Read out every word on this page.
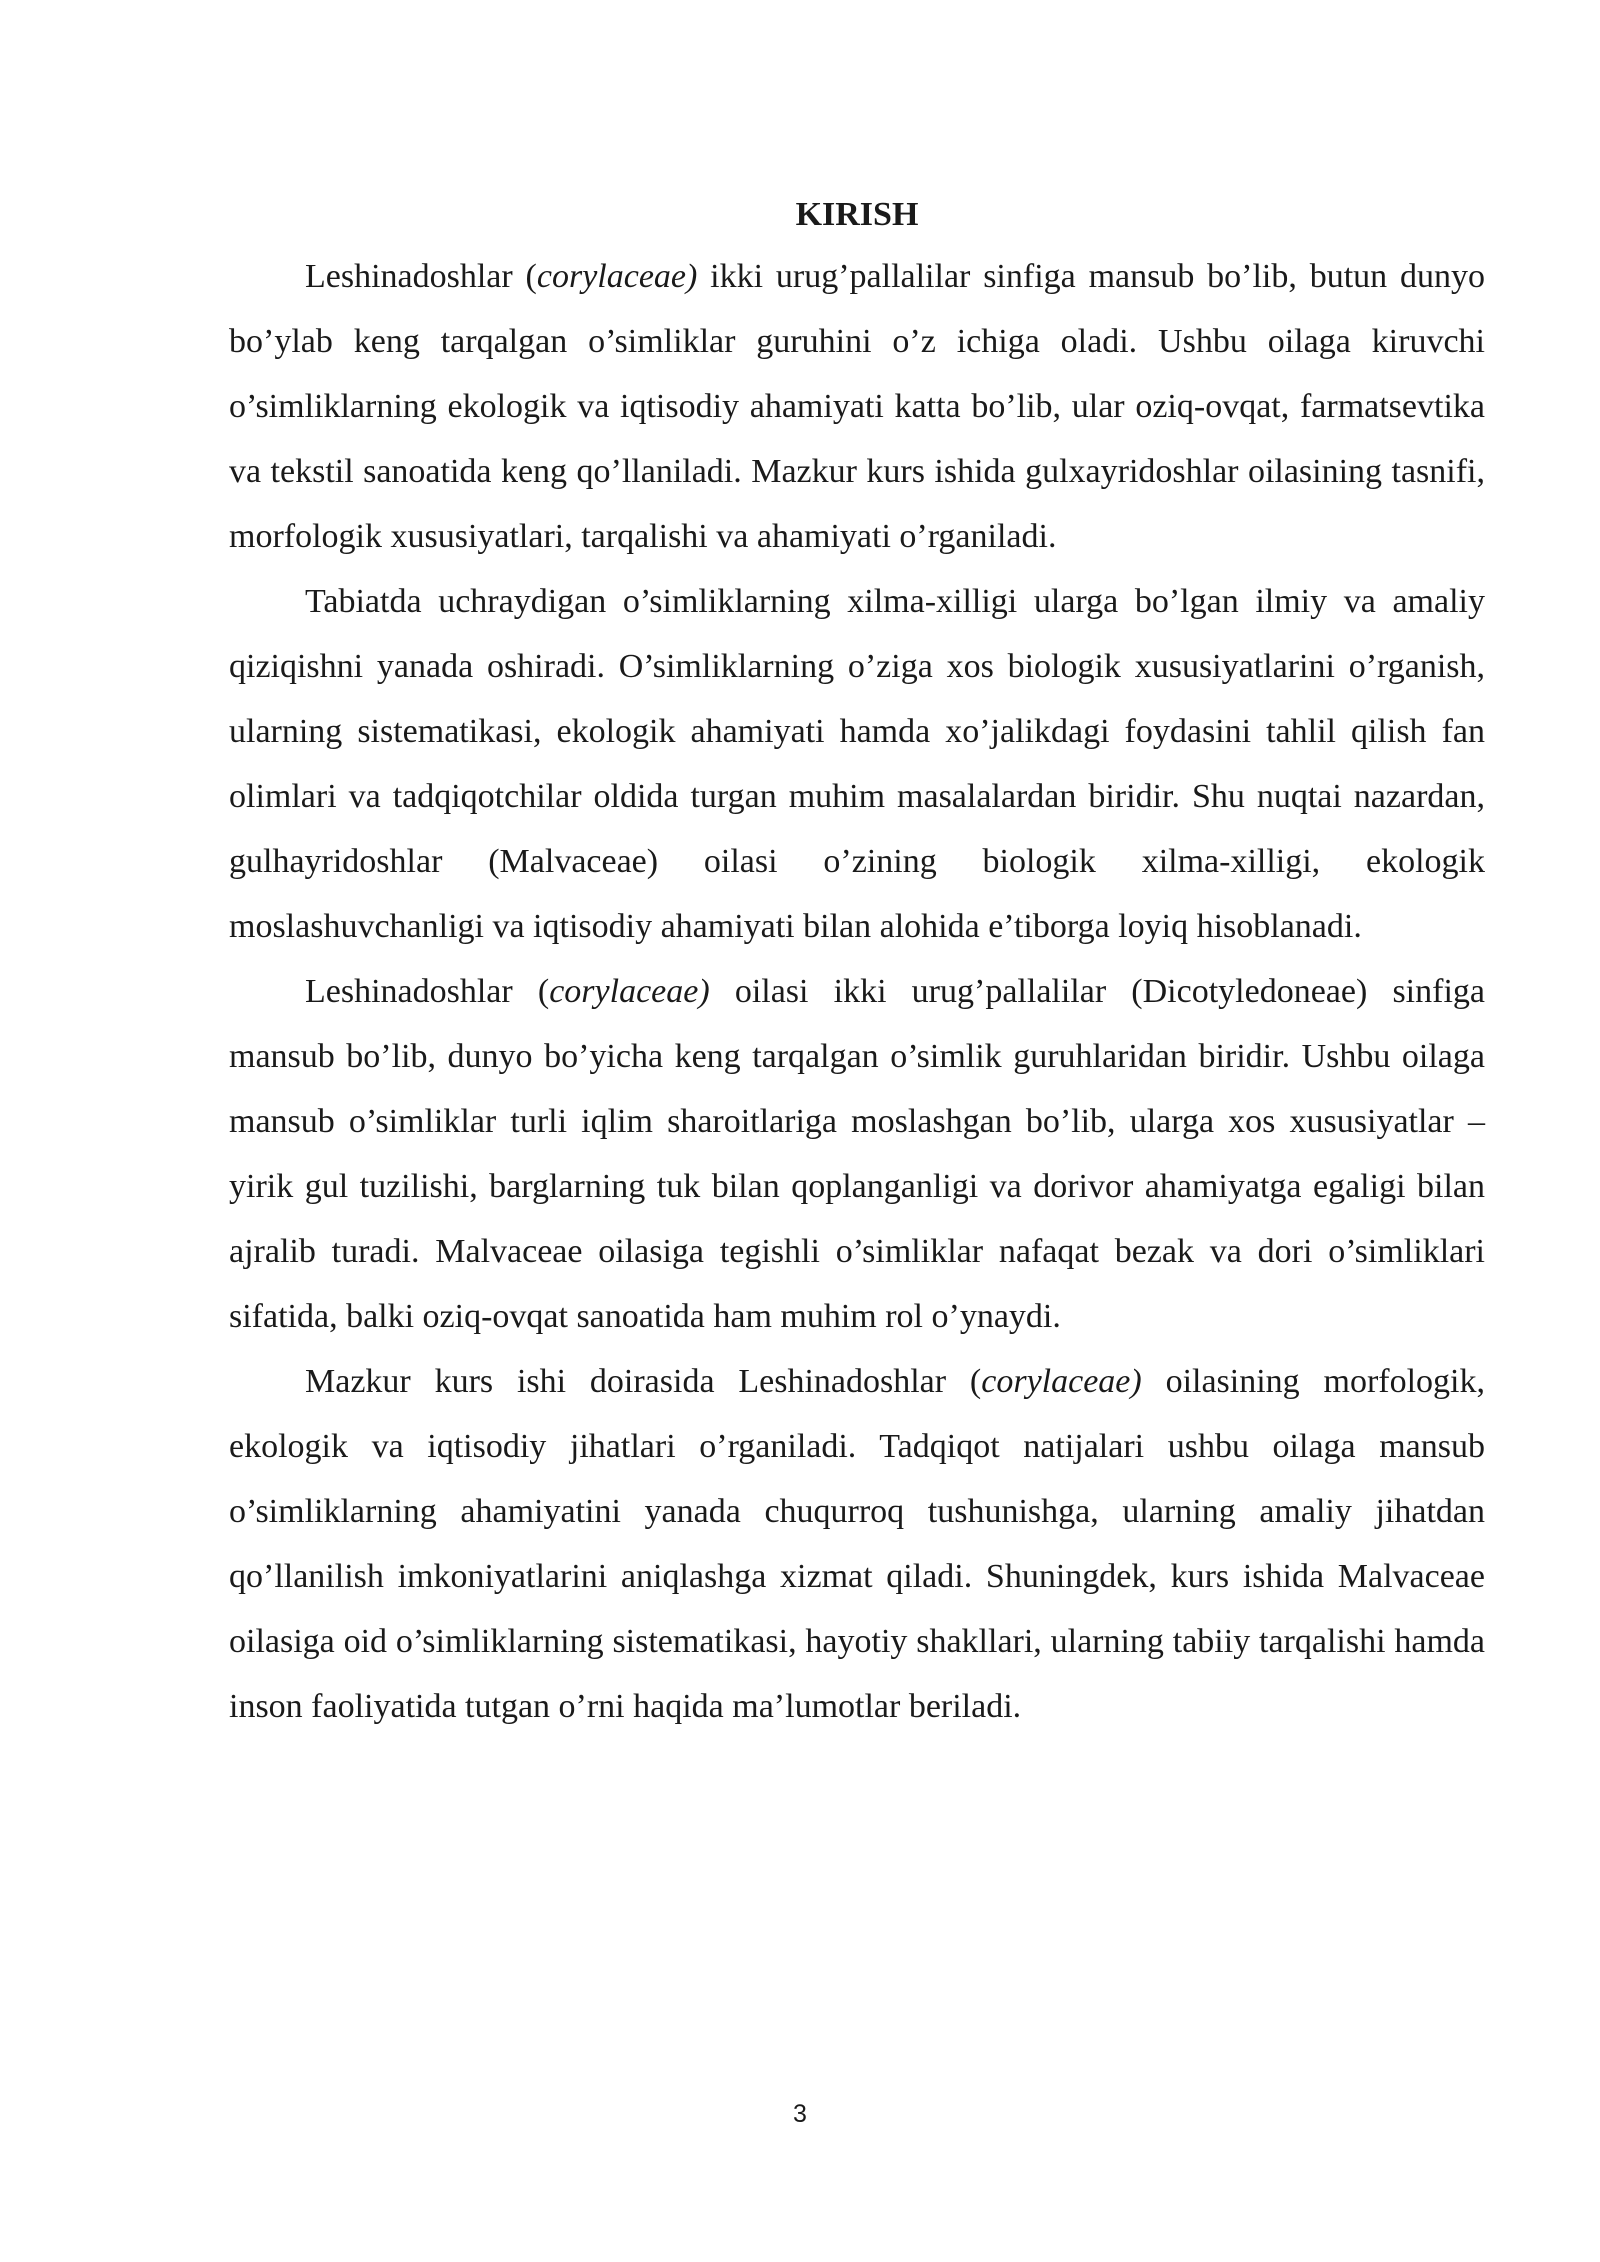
KIRISH

Leshinadoshlar (corylaceae) ikki urug’pallalilar sinfiga mansub bo’lib, butun dunyo bo’ylab keng tarqalgan o’simliklar guruhini o’z ichiga oladi. Ushbu oilaga kiruvchi o’simliklarning ekologik va iqtisodiy ahamiyati katta bo’lib, ular oziq-ovqat, farmatsevtika va tekstil sanoatida keng qo’llaniladi. Mazkur kurs ishida gulxayridoshlar oilasining tasnifi, morfologik xususiyatlari, tarqalishi va ahamiyati o’rganiladi.

Tabiatda uchraydigan o’simliklarning xilma-xilligi ularga bo’lgan ilmiy va amaliy qiziqishni yanada oshiradi. O’simliklarning o’ziga xos biologik xususiyatlarini o’rganish, ularning sistematikasi, ekologik ahamiyati hamda xo’jalikdagi foydasini tahlil qilish fan olimlari va tadqiqotchilar oldida turgan muhim masalalardan biridir. Shu nuqtai nazardan, gulhayridoshlar (Malvaceae) oilasi o’zining biologik xilma-xilligi, ekologik moslashuvchanligi va iqtisodiy ahamiyati bilan alohida e’tiborga loyiq hisoblanadi.

Leshinadoshlar (corylaceae) oilasi ikki urug’pallalilar (Dicotyledoneae) sinfiga mansub bo’lib, dunyo bo’yicha keng tarqalgan o’simlik guruhlaridan biridir. Ushbu oilaga mansub o’simliklar turli iqlim sharoitlariga moslashgan bo’lib, ularga xos xususiyatlar – yirik gul tuzilishi, barglarning tuk bilan qoplanganligi va dorivor ahamiyatga egaligi bilan ajralib turadi. Malvaceae oilasiga tegishli o’simliklar nafaqat bezak va dori o’simliklari sifatida, balki oziq-ovqat sanoatida ham muhim rol o’ynaydi.

Mazkur kurs ishi doirasida Leshinadoshlar (corylaceae) oilasining morfologik, ekologik va iqtisodiy jihatlari o’rganiladi. Tadqiqot natijalari ushbu oilaga mansub o’simliklarning ahamiyatini yanada chuqurroq tushunishga, ularning amaliy jihatdan qo’llanilish imkoniyatlarini aniqlashga xizmat qiladi. Shuningdek, kurs ishida Malvaceae oilasiga oid o’simliklarning sistematikasi, hayotiy shakllari, ularning tabiiy tarqalishi hamda inson faoliyatida tutgan o’rni haqida ma’lumotlar beriladi.

3
